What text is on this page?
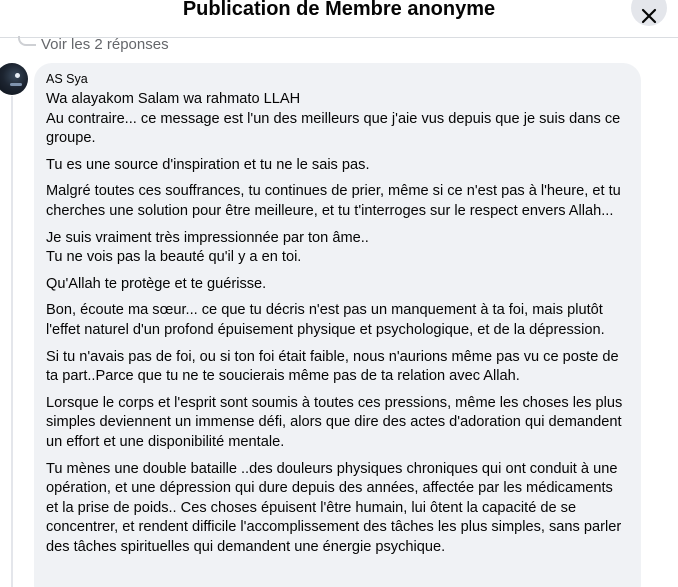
Publication de Membre anonyme
Voir les 2 réponses
AS Sya

Wa alayakom Salam wa rahmato LLAH
Au contraire... ce message est l'un des meilleurs que j'aie vus depuis que je suis dans ce groupe.

Tu es une source d'inspiration et tu ne le sais pas.

Malgré toutes ces souffrances, tu continues de prier, même si ce n'est pas à l'heure, et tu cherches une solution pour être meilleure, et tu t'interroges sur le respect envers Allah...

Je suis vraiment très impressionnée par ton âme..
Tu ne vois pas la beauté qu'il y a en toi.

Qu'Allah te protège et te guérisse.

Bon, écoute ma sœur... ce que tu décris n'est pas un manquement à ta foi, mais plutôt l'effet naturel d'un profond épuisement physique et psychologique, et de la dépression.

Si tu n'avais pas de foi, ou si ton foi était faible, nous n'aurions même pas vu ce poste de ta part..Parce que tu ne te soucierais même pas de ta relation avec Allah.

Lorsque le corps et l'esprit sont soumis à toutes ces pressions, même les choses les plus simples deviennent un immense défi, alors que dire des actes d'adoration qui demandent un effort et une disponibilité mentale.

Tu mènes une double bataille ..des douleurs physiques chroniques qui ont conduit à une opération, et une dépression qui dure depuis des années, affectée par les médicaments et la prise de poids.. Ces choses épuisent l'être humain, lui ôtent la capacité de se concentrer, et rendent difficile l'accomplissement des tâches les plus simples, sans parler des tâches spirituelles qui demandent une énergie psychique.
